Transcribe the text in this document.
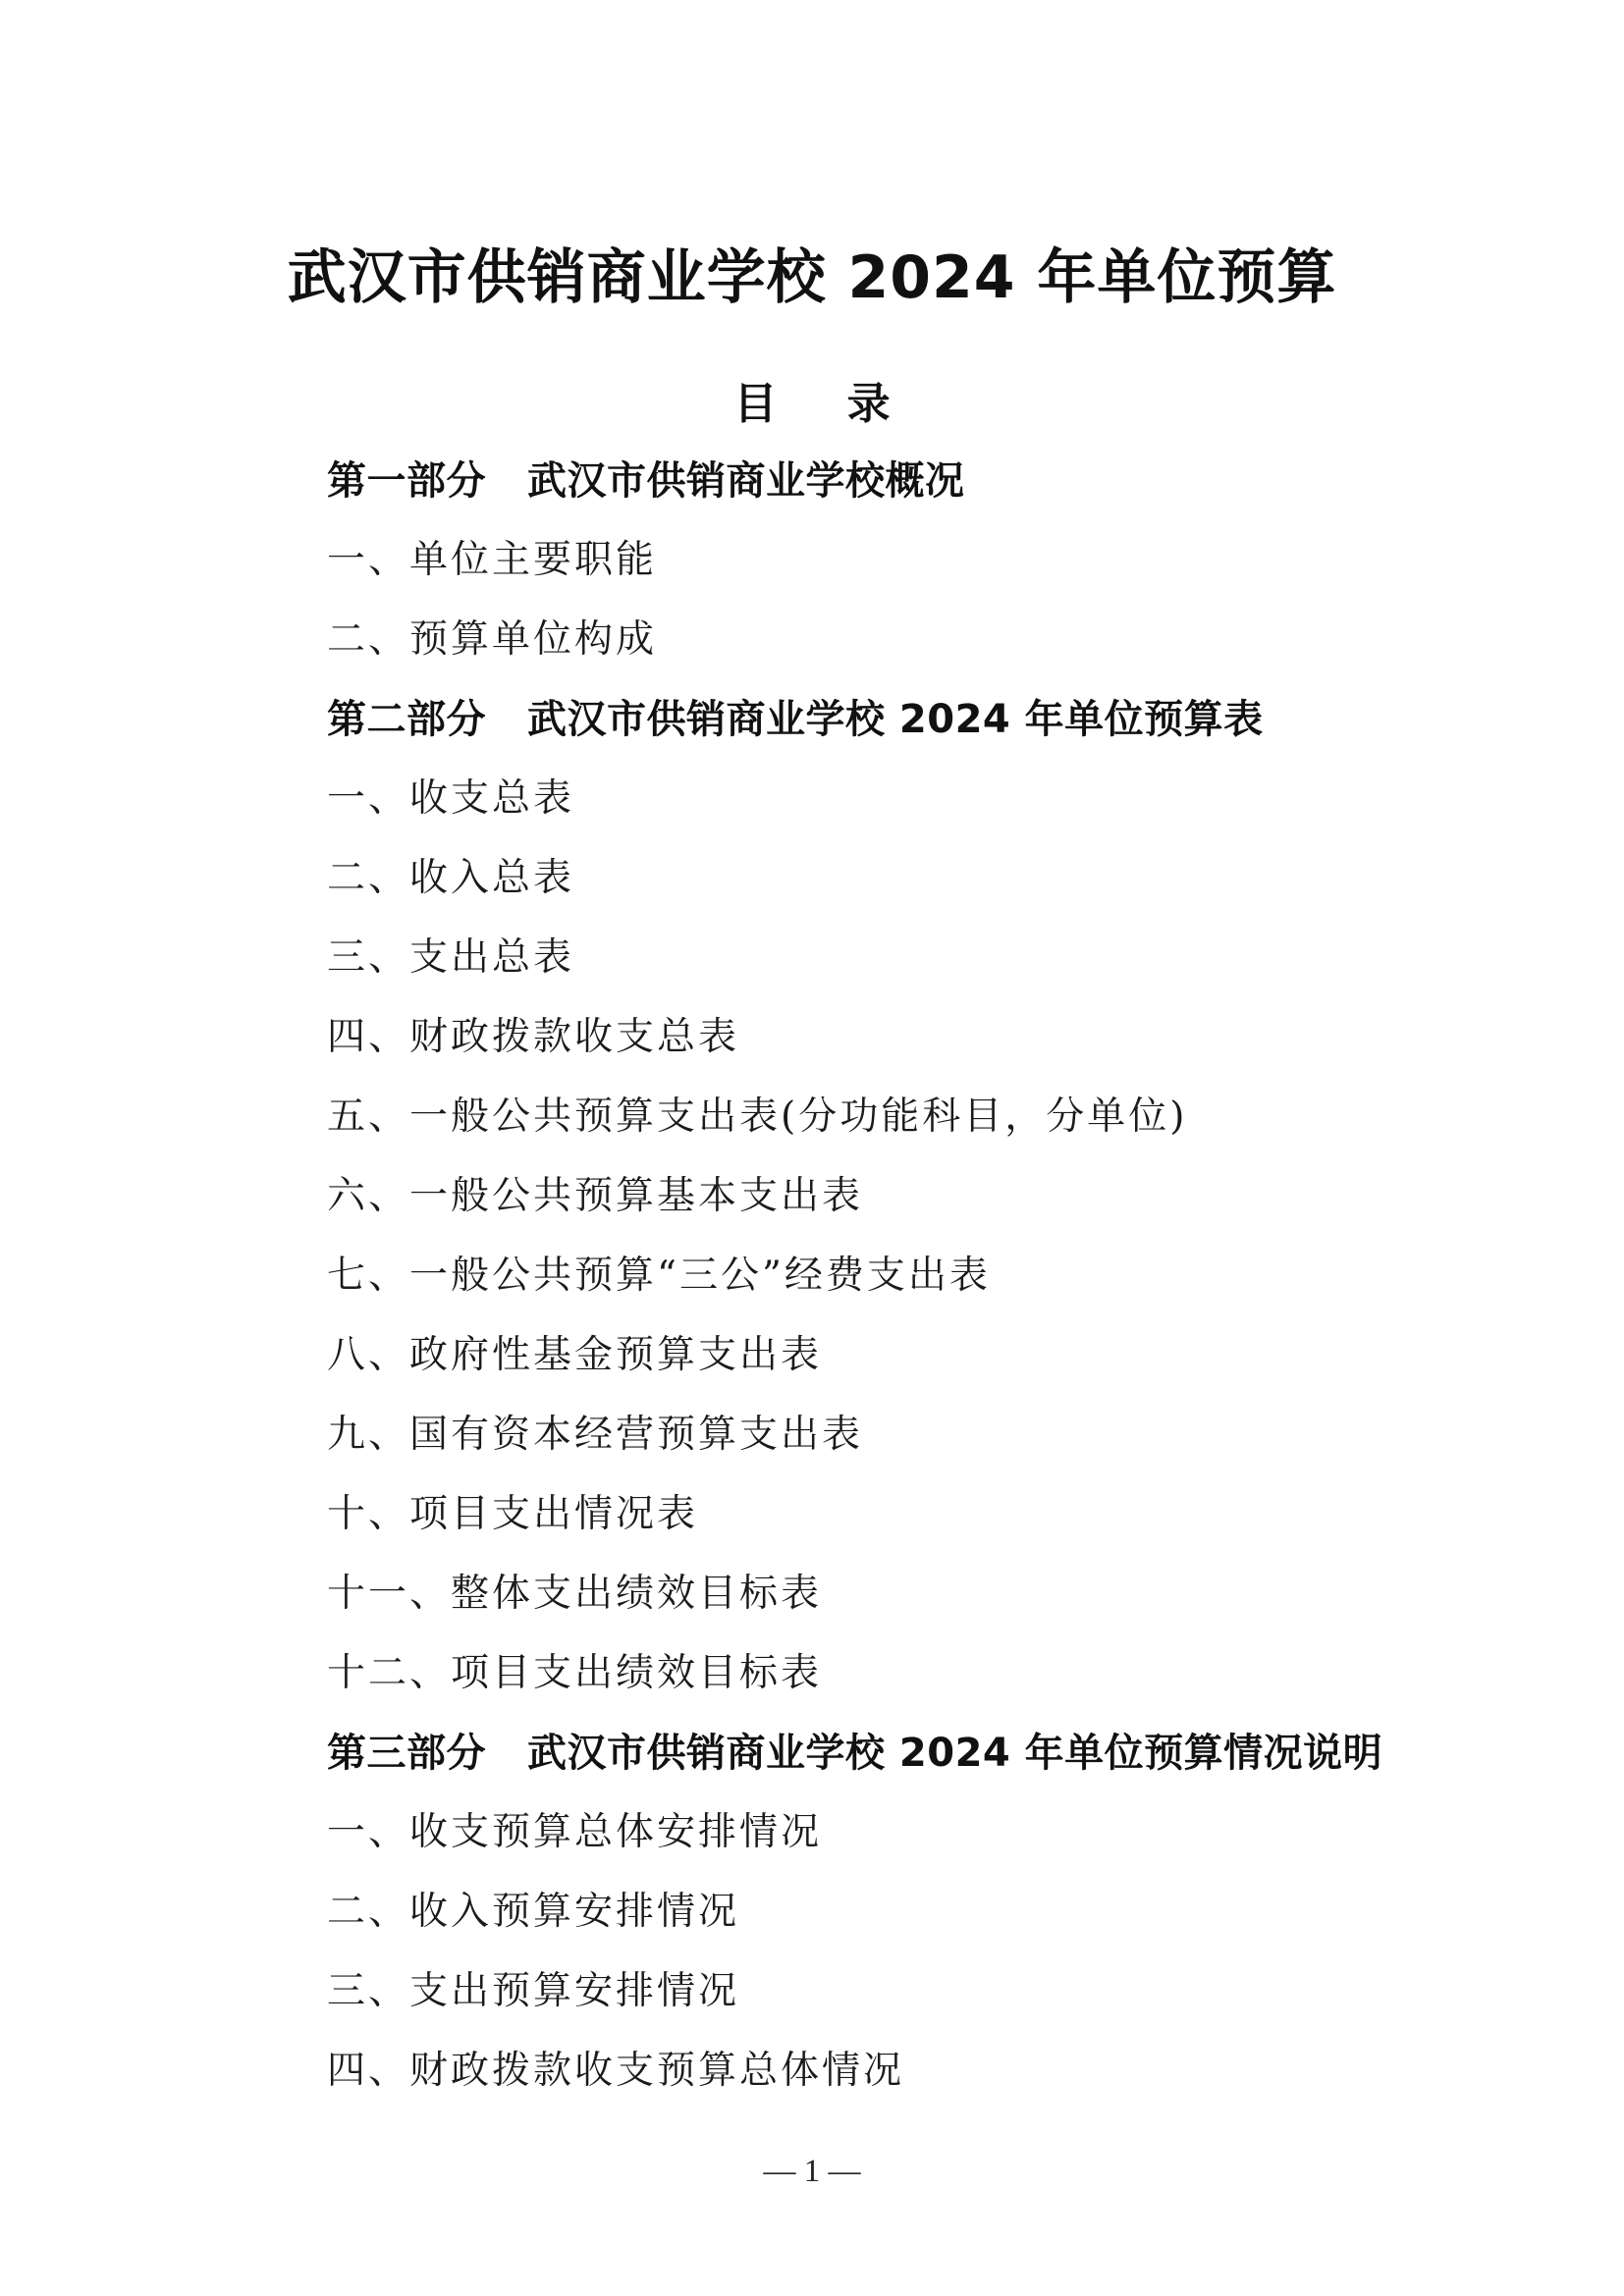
武汉市供销商业学校 2024 年单位预算
目 录
第一部分 武汉市供销商业学校概况
一、单位主要职能
二、预算单位构成
第二部分 武汉市供销商业学校 2024 年单位预算表
一、收支总表
二、收入总表
三、支出总表
四、财政拨款收支总表
五、一般公共预算支出表(分功能科目，分单位)
六、一般公共预算基本支出表
七、一般公共预算“三公”经费支出表
八、政府性基金预算支出表
九、国有资本经营预算支出表
十、项目支出情况表
十一、整体支出绩效目标表
十二、项目支出绩效目标表
第三部分 武汉市供销商业学校 2024 年单位预算情况说明
一、收支预算总体安排情况
二、收入预算安排情况
三、支出预算安排情况
四、财政拨款收支预算总体情况
— 1 —
